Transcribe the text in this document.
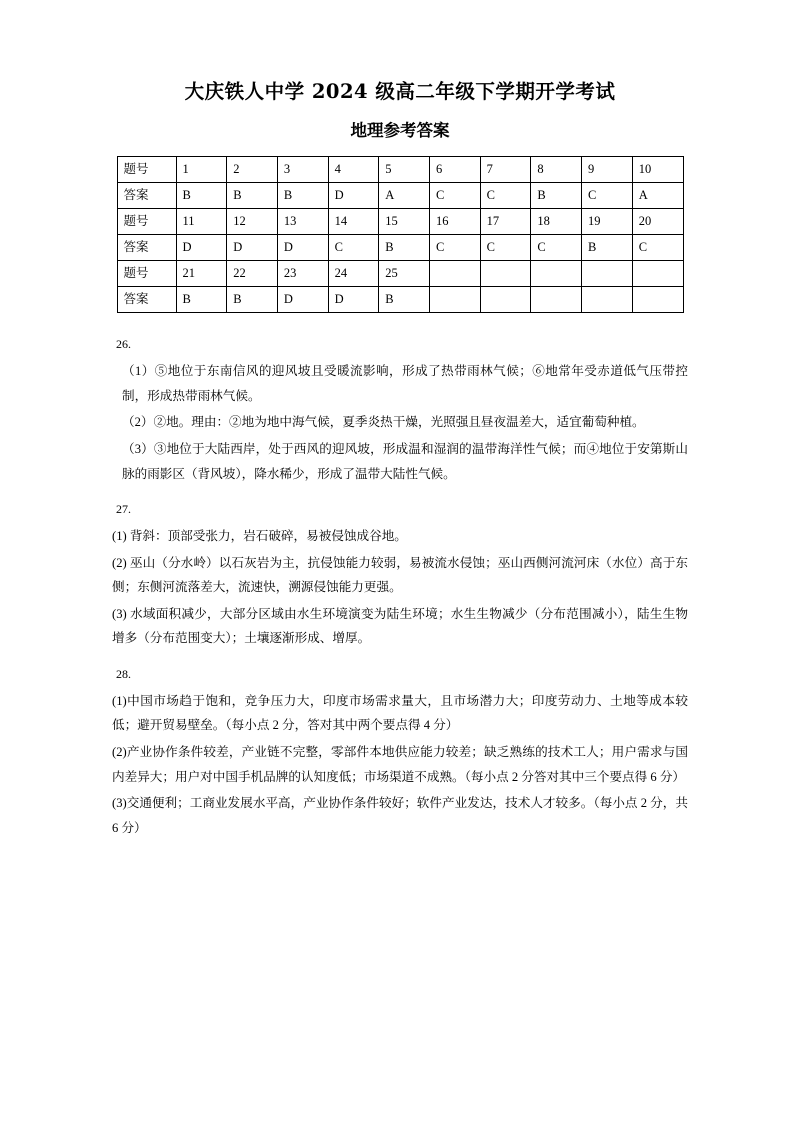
大庆铁人中学 2024 级高二年级下学期开学考试
地理参考答案
题号	1	2	3	4	5	6	7	8	9	10
答案	B	B	B	D	A	C	C	B	C	A
题号	11	12	13	14	15	16	17	18	19	20
答案	D	D	D	C	B	C	C	C	B	C
题号	21	22	23	24	25					
答案	B	B	D	D	B					
26.
（1）⑤地位于东南信风的迎风坡且受暖流影响，形成了热带雨林气候；⑥地常年受赤道低气压带控制，形成热带雨林气候。
（2）②地。理由：②地为地中海气候，夏季炎热干燥，光照强且昼夜温差大，适宜葡萄种植。
（3）③地位于大陆西岸，处于西风的迎风坡，形成温和湿润的温带海洋性气候；而④地位于安第斯山脉的雨影区（背风坡），降水稀少，形成了温带大陆性气候。
27.
(1) 背斜：顶部受张力，岩石破碎，易被侵蚀成谷地。
(2) 巫山（分水岭）以石灰岩为主，抗侵蚀能力较弱，易被流水侵蚀；巫山西侧河流河床（水位）高于东侧；东侧河流落差大，流速快，溯源侵蚀能力更强。
(3) 水域面积减少，大部分区域由水生环境演变为陆生环境；水生生物减少（分布范围减小），陆生生物增多（分布范围变大）；土壤逐渐形成、增厚。
28.
(1)中国市场趋于饱和，竞争压力大，印度市场需求量大，且市场潜力大；印度劳动力、土地等成本较低；避开贸易壁垒。（每小点 2 分，答对其中两个要点得 4 分）
(2)产业协作条件较差，产业链不完整，零部件本地供应能力较差；缺乏熟练的技术工人；用户需求与国内差异大；用户对中国手机品牌的认知度低；市场渠道不成熟。（每小点 2 分答对其中三个要点得 6 分）
(3)交通便利；工商业发展水平高，产业协作条件较好；软件产业发达，技术人才较多。（每小点 2 分，共 6 分）
